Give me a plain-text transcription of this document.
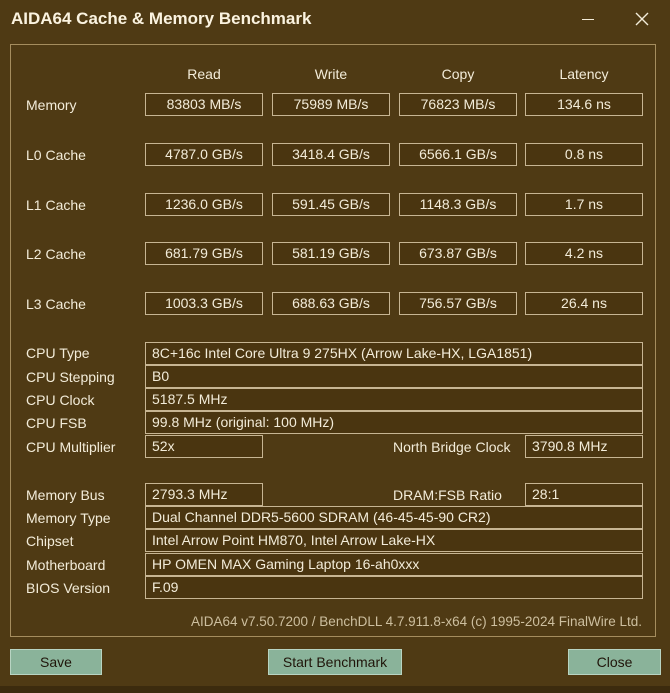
AIDA64 Cache & Memory Benchmark
Read	Write	Copy	Latency
Memory	83803 MB/s	75989 MB/s	76823 MB/s	134.6 ns
L0 Cache	4787.0 GB/s	3418.4 GB/s	6566.1 GB/s	0.8 ns
L1 Cache	1236.0 GB/s	591.45 GB/s	1148.3 GB/s	1.7 ns
L2 Cache	681.79 GB/s	581.19 GB/s	673.87 GB/s	4.2 ns
L3 Cache	1003.3 GB/s	688.63 GB/s	756.57 GB/s	26.4 ns
CPU Type	8C+16c Intel Core Ultra 9 275HX (Arrow Lake-HX, LGA1851)
CPU Stepping	B0
CPU Clock	5187.5 MHz
CPU FSB	99.8 MHz (original: 100 MHz)
CPU Multiplier	52x	North Bridge Clock	3790.8 MHz
Memory Bus	2793.3 MHz	DRAM:FSB Ratio	28:1
Memory Type	Dual Channel DDR5-5600 SDRAM (46-45-45-90 CR2)
Chipset	Intel Arrow Point HM870, Intel Arrow Lake-HX
Motherboard	HP OMEN MAX Gaming Laptop 16-ah0xxx
BIOS Version	F.09
AIDA64 v7.50.7200 / BenchDLL 4.7.911.8-x64 (c) 1995-2024 FinalWire Ltd.
Save	Start Benchmark	Close
